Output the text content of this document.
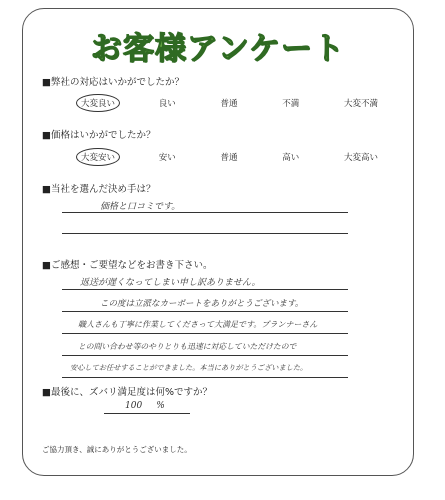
お客様アンケート
■弊社の対応はいかがでしたか？
大変良い	良い	普通	不満	大変不満
■価格はいかがでしたか？
大変安い	安い	普通	高い	大変高い
■当社を選んだ決め手は？
価格と口コミです。
■ご感想・ご要望などをお書き下さい。
返送が遅くなってしまい申し訳ありません。
この度は立派なカーポートをありがとうございます。
職人さんも丁寧に作業してくださって大満足です。プランナーさん
との問い合わせ等のやりとりも迅速に対応していただけたので
安心してお任せすることができました。本当にありがとうございました。
■最後に、ズバリ満足度は何%ですか？
100 %
ご協力頂き、誠にありがとうございました。
